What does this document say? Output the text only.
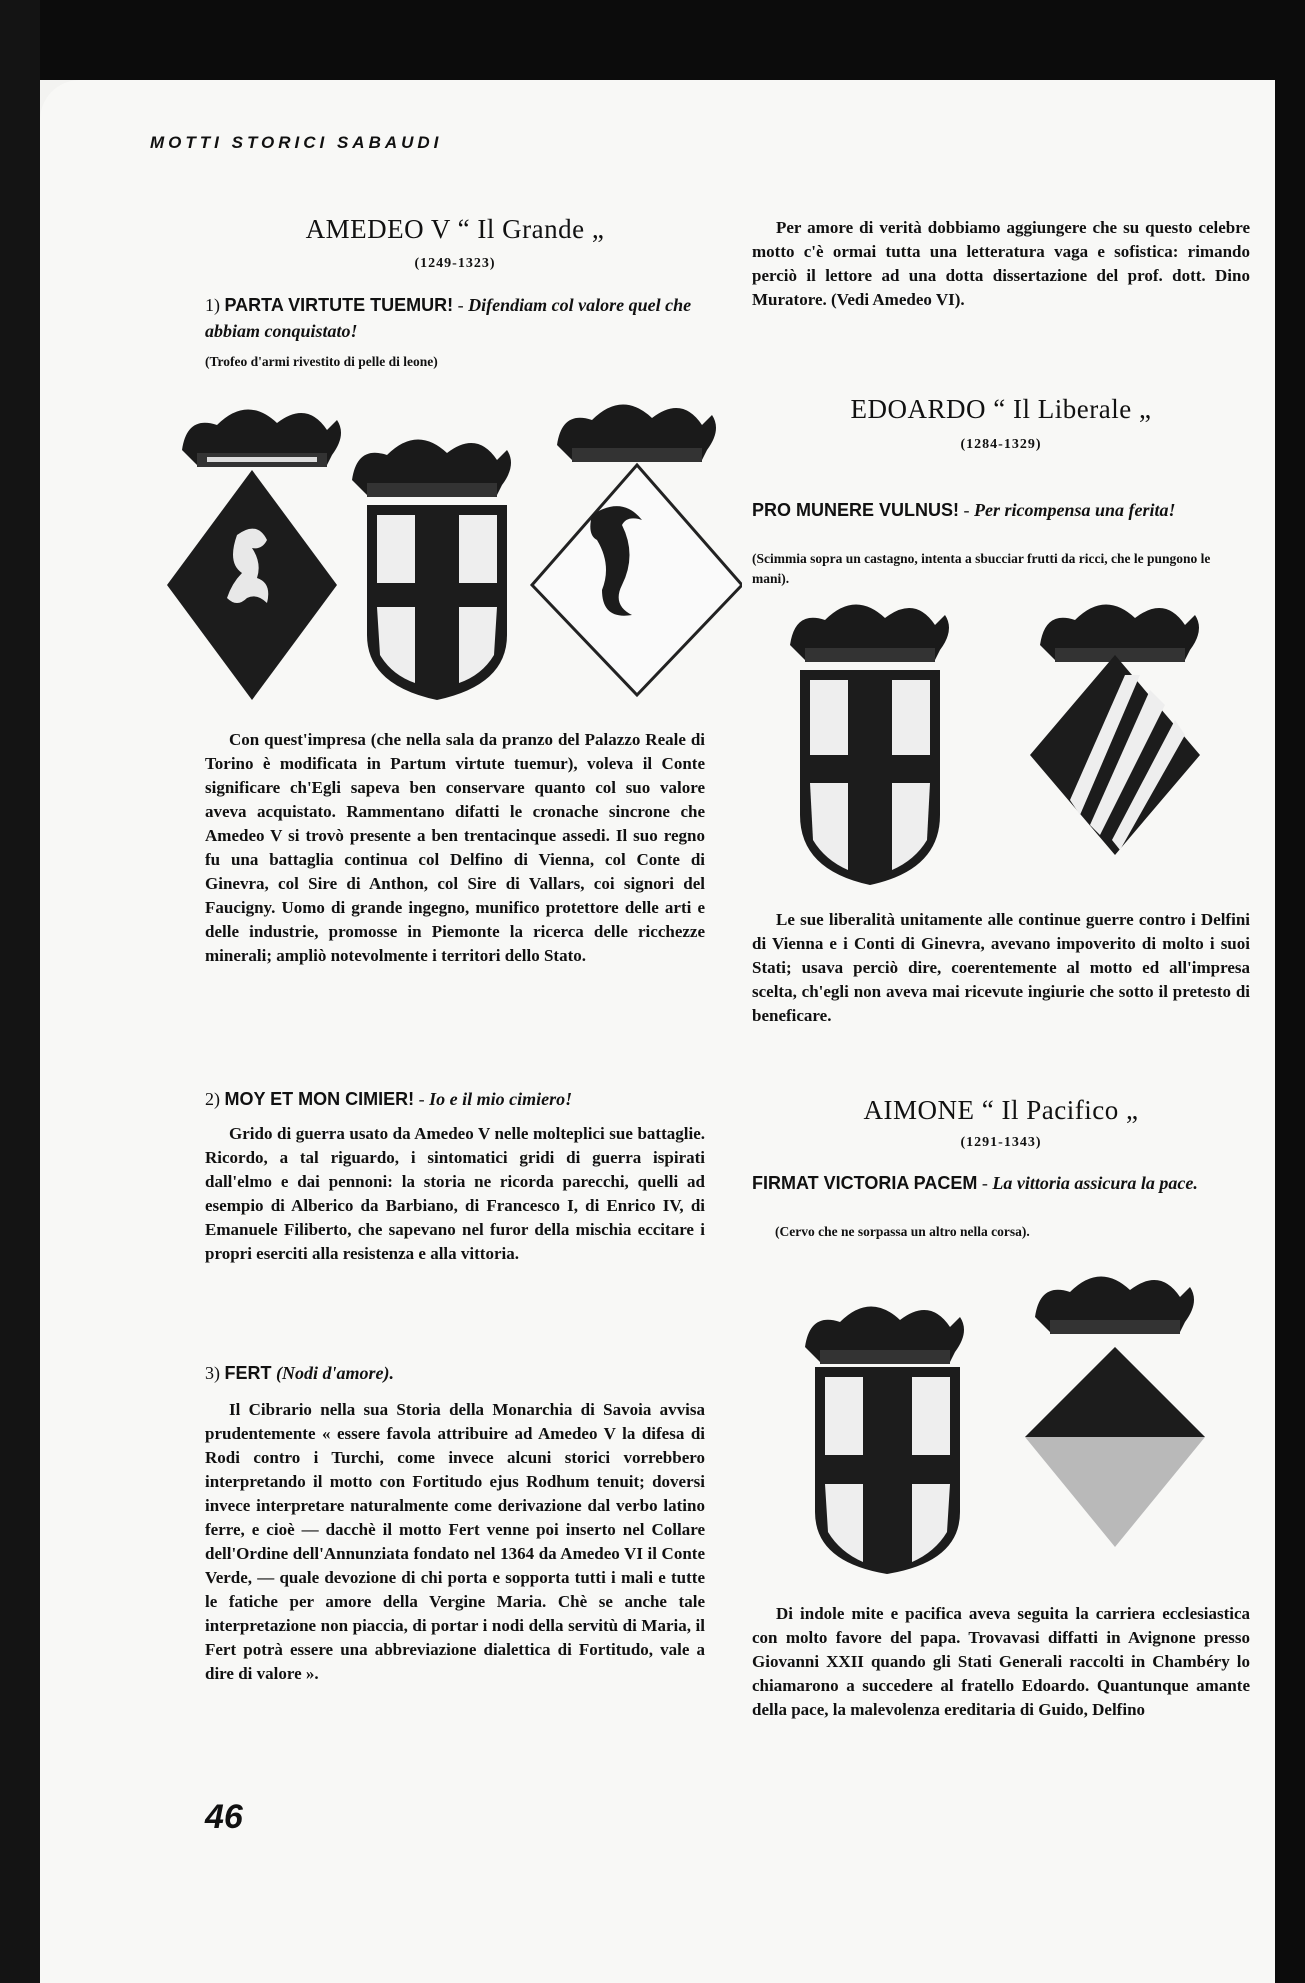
MOTTI STORICI SABAUDI
AMEDEO V “ Il Grande „
(1249-1323)
1) PARTA VIRTUTE TUEMUR! - Difendiam col valore quel che abbiam conquistato!
(Trofeo d'armi rivestito di pelle di leone)

Con quest'impresa (che nella sala da pranzo del Palazzo Reale di Torino è modificata in Partum virtute tuemur), voleva il Conte significare ch'Egli sapeva ben conservare quanto col suo valore aveva acquistato. Rammentano difatti le cronache sincrone che Amedeo V si trovò presente a ben trentacinque assedi. Il suo regno fu una battaglia continua col Delfino di Vienna, col Conte di Ginevra, col Sire di Anthon, col Sire di Vallars, coi signori del Faucigny. Uomo di grande ingegno, munifico protettore delle arti e delle industrie, promosse in Piemonte la ricerca delle ricchezze minerali; ampliò notevolmente i territori dello Stato.

2) MOY ET MON CIMIER! - Io e il mio cimiero!

Grido di guerra usato da Amedeo V nelle molteplici sue battaglie. Ricordo, a tal riguardo, i sintomatici gridi di guerra ispirati dall'elmo e dai pennoni: la storia ne ricorda parecchi, quelli ad esempio di Alberico da Barbiano, di Francesco I, di Enrico IV, di Emanuele Filiberto, che sapevano nel furor della mischia eccitare i propri eserciti alla resistenza e alla vittoria.

3) FERT (Nodi d'amore).

Il Cibrario nella sua Storia della Monarchia di Savoia avvisa prudentemente « essere favola attribuire ad Amedeo V la difesa di Rodi contro i Turchi, come invece alcuni storici vorrebbero interpretando il motto con Fortitudo ejus Rodhum tenuit; doversi invece interpretare naturalmente come derivazione dal verbo latino ferre, e cioè — dacchè il motto Fert venne poi inserto nel Collare dell'Ordine dell'Annunziata fondato nel 1364 da Amedeo VI il Conte Verde, — quale devozione di chi porta e sopporta tutti i mali e tutte le fatiche per amore della Vergine Maria. Chè se anche tale interpretazione non piaccia, di portar i nodi della servitù di Maria, il Fert potrà essere una abbreviazione dialettica di Fortitudo, vale a dire di valore ».

46

Per amore di verità dobbiamo aggiungere che su questo celebre motto c'è ormai tutta una letteratura vaga e sofistica: rimando perciò il lettore ad una dotta dissertazione del prof. dott. Dino Muratore. (Vedi Amedeo VI).

EDOARDO “ Il Liberale „
(1284-1329)
PRO MUNERE VULNUS! - Per ricompensa una ferita!
(Scimmia sopra un castagno, intenta a sbucciar frutti da ricci, che le pungono le mani).

Le sue liberalità unitamente alle continue guerre contro i Delfini di Vienna e i Conti di Ginevra, avevano impoverito di molto i suoi Stati; usava perciò dire, coerentemente al motto ed all'impresa scelta, ch'egli non aveva mai ricevute ingiurie che sotto il pretesto di beneficare.

AIMONE “ Il Pacifico „
(1291-1343)
FIRMAT VICTORIA PACEM - La vittoria assicura la pace.
(Cervo che ne sorpassa un altro nella corsa).

Di indole mite e pacifica aveva seguita la carriera ecclesiastica con molto favore del papa. Trovavasi diffatti in Avignone presso Giovanni XXII quando gli Stati Generali raccolti in Chambéry lo chiamarono a succedere al fratello Edoardo. Quantunque amante della pace, la malevolenza ereditaria di Guido, Delfino
